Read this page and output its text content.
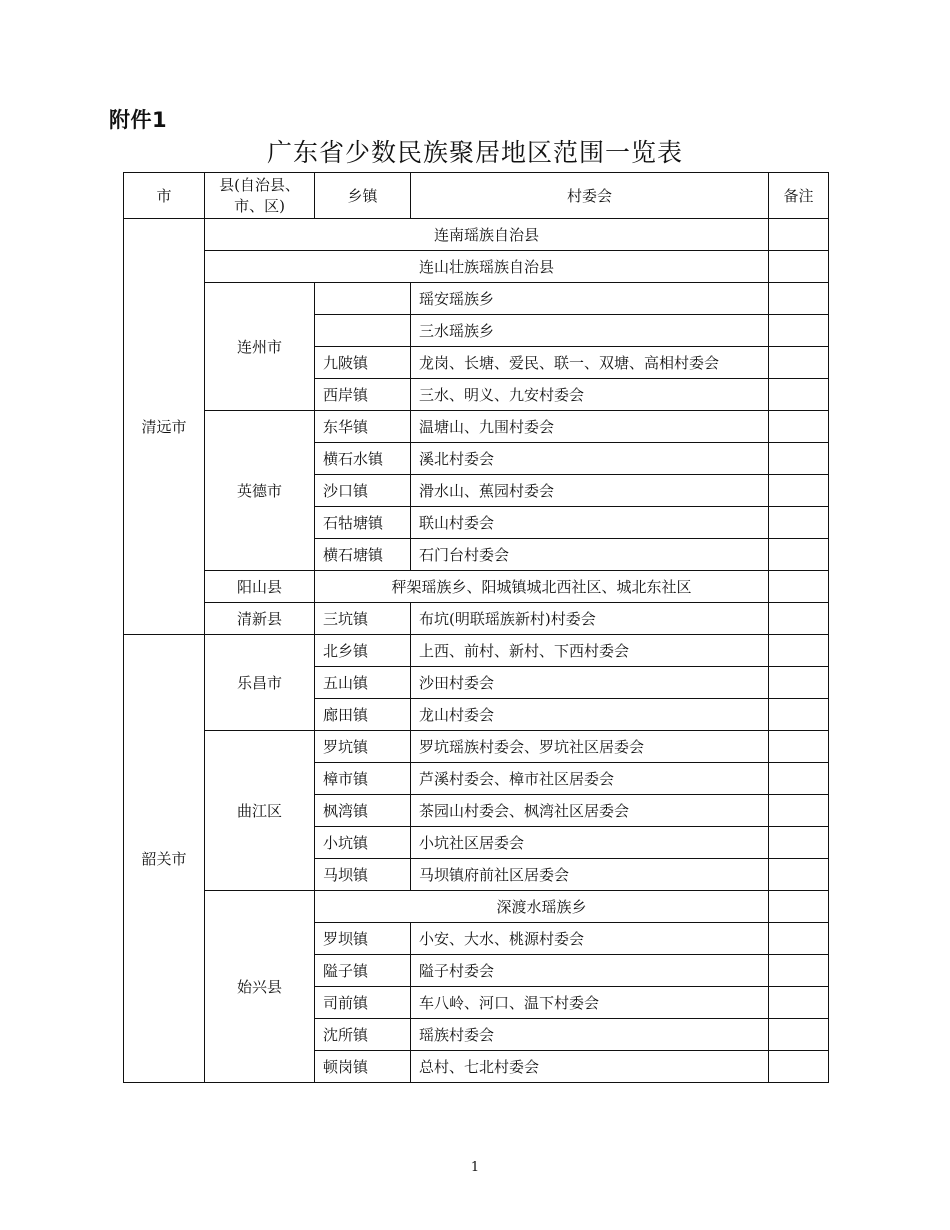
附件1
广东省少数民族聚居地区范围一览表
市	县(自治县、
市、区)	乡镇	村委会	备注
清远市	连南瑶族自治县			
	连山壮族瑶族自治县			
	连州市		瑶安瑶族乡	
			三水瑶族乡	
		九陂镇	龙岗、长塘、爱民、联一、双塘、高相村委会	
		西岸镇	三水、明义、九安村委会	
	英德市	东华镇	温塘山、九围村委会	
		横石水镇	溪北村委会	
		沙口镇	滑水山、蕉园村委会	
		石牯塘镇	联山村委会	
		横石塘镇	石门台村委会	
	阳山县	秤架瑶族乡、阳城镇城北西社区、城北东社区		
	清新县	三坑镇	布坑(明联瑶族新村)村委会	
韶关市	乐昌市	北乡镇	上西、前村、新村、下西村委会	
		五山镇	沙田村委会	
		廊田镇	龙山村委会	
	曲江区	罗坑镇	罗坑瑶族村委会、罗坑社区居委会	
		樟市镇	芦溪村委会、樟市社区居委会	
		枫湾镇	茶园山村委会、枫湾社区居委会	
		小坑镇	小坑社区居委会	
		马坝镇	马坝镇府前社区居委会	
	始兴县	深渡水瑶族乡		
		罗坝镇	小安、大水、桃源村委会	
		隘子镇	隘子村委会	
		司前镇	车八岭、河口、温下村委会	
		沈所镇	瑶族村委会	
		顿岗镇	总村、七北村委会	
1
